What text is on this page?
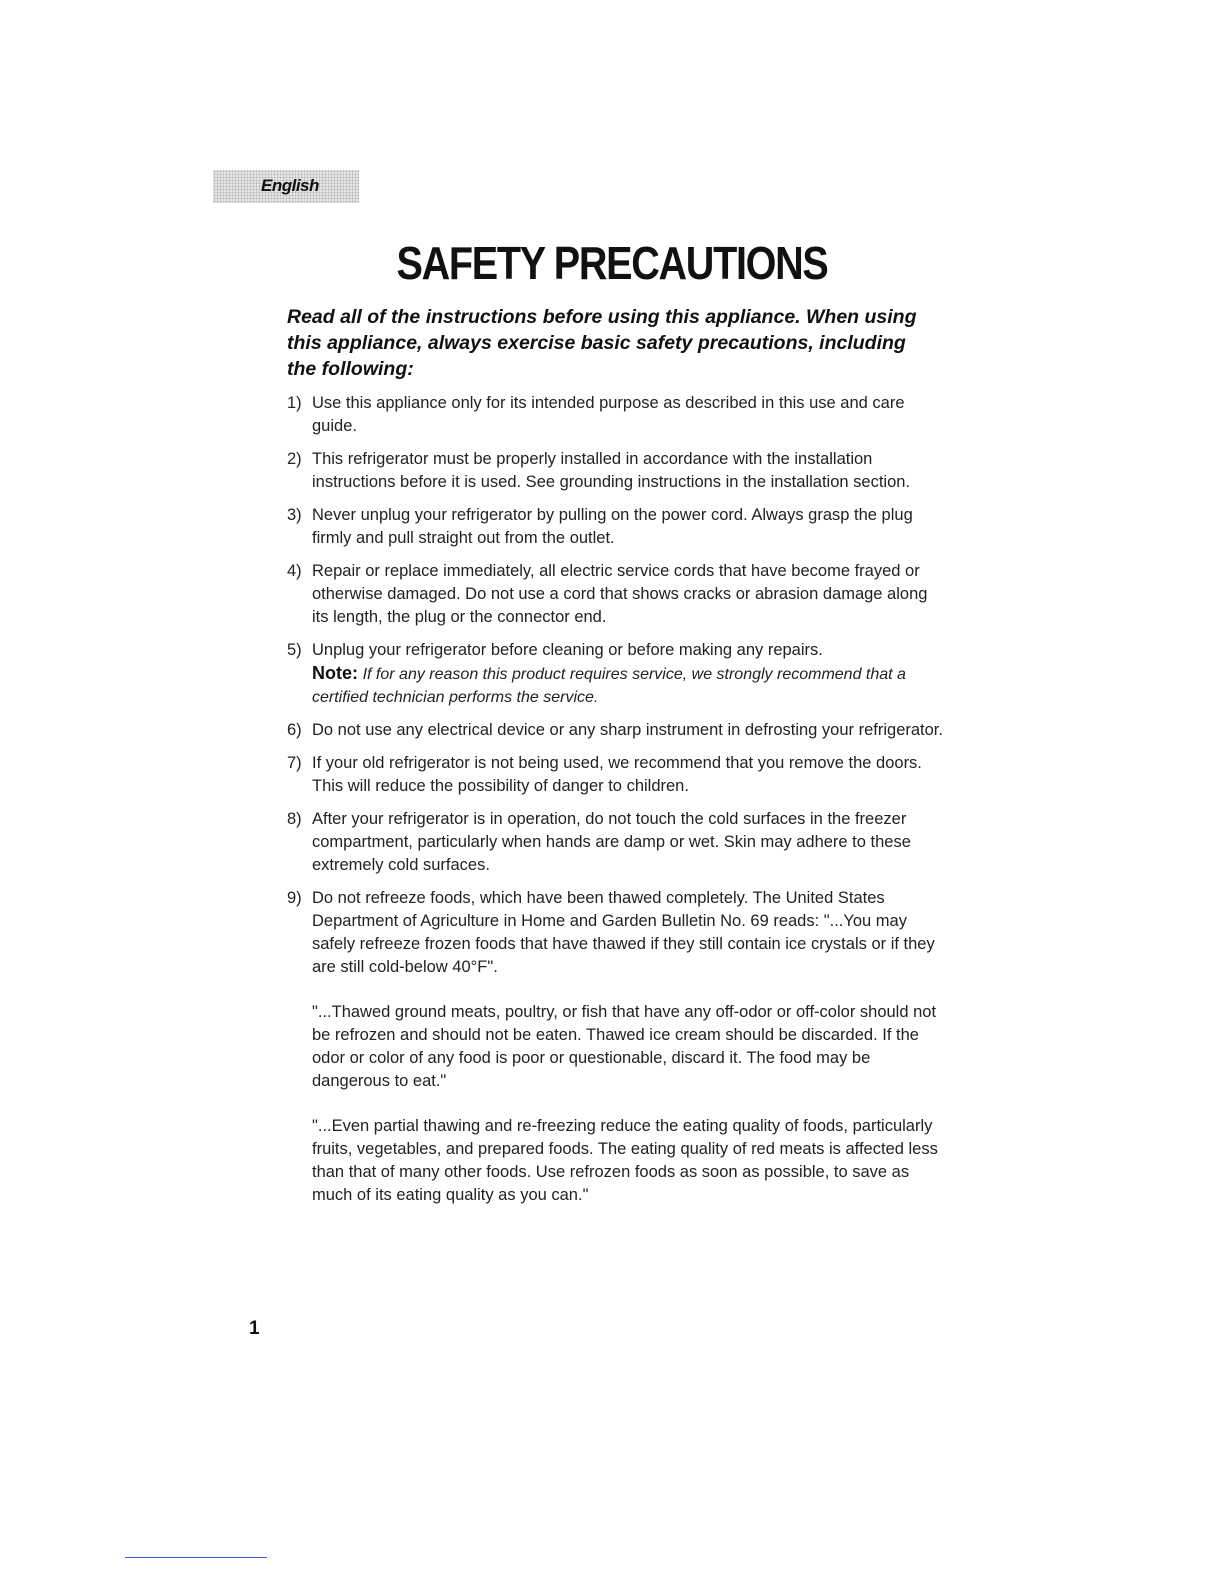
English
SAFETY PRECAUTIONS

Read all of the instructions before using this appliance. When using this appliance, always exercise basic safety precautions, including the following:

1) Use this appliance only for its intended purpose as described in this use and care guide.
2) This refrigerator must be properly installed in accordance with the installation instructions before it is used. See grounding instructions in the installation section.
3) Never unplug your refrigerator by pulling on the power cord. Always grasp the plug firmly and pull straight out from the outlet.
4) Repair or replace immediately, all electric service cords that have become frayed or otherwise damaged. Do not use a cord that shows cracks or abrasion damage along its length, the plug or the connector end.
5) Unplug your refrigerator before cleaning or before making any repairs.
Note: If for any reason this product requires service, we strongly recommend that a certified technician performs the service.
6) Do not use any electrical device or any sharp instrument in defrosting your refrigerator.
7) If your old refrigerator is not being used, we recommend that you remove the doors. This will reduce the possibility of danger to children.
8) After your refrigerator is in operation, do not touch the cold surfaces in the freezer compartment, particularly when hands are damp or wet. Skin may adhere to these extremely cold surfaces.
9) Do not refreeze foods, which have been thawed completely. The United States Department of Agriculture in Home and Garden Bulletin No. 69 reads: "...You may safely refreeze frozen foods that have thawed if they still contain ice crystals or if they are still cold-below 40°F".

"...Thawed ground meats, poultry, or fish that have any off-odor or off-color should not be refrozen and should not be eaten. Thawed ice cream should be discarded. If the odor or color of any food is poor or questionable, discard it. The food may be dangerous to eat."

"...Even partial thawing and re-freezing reduce the eating quality of foods, particularly fruits, vegetables, and prepared foods. The eating quality of red meats is affected less than that of many other foods. Use refrozen foods as soon as possible, to save as much of its eating quality as you can."

1
